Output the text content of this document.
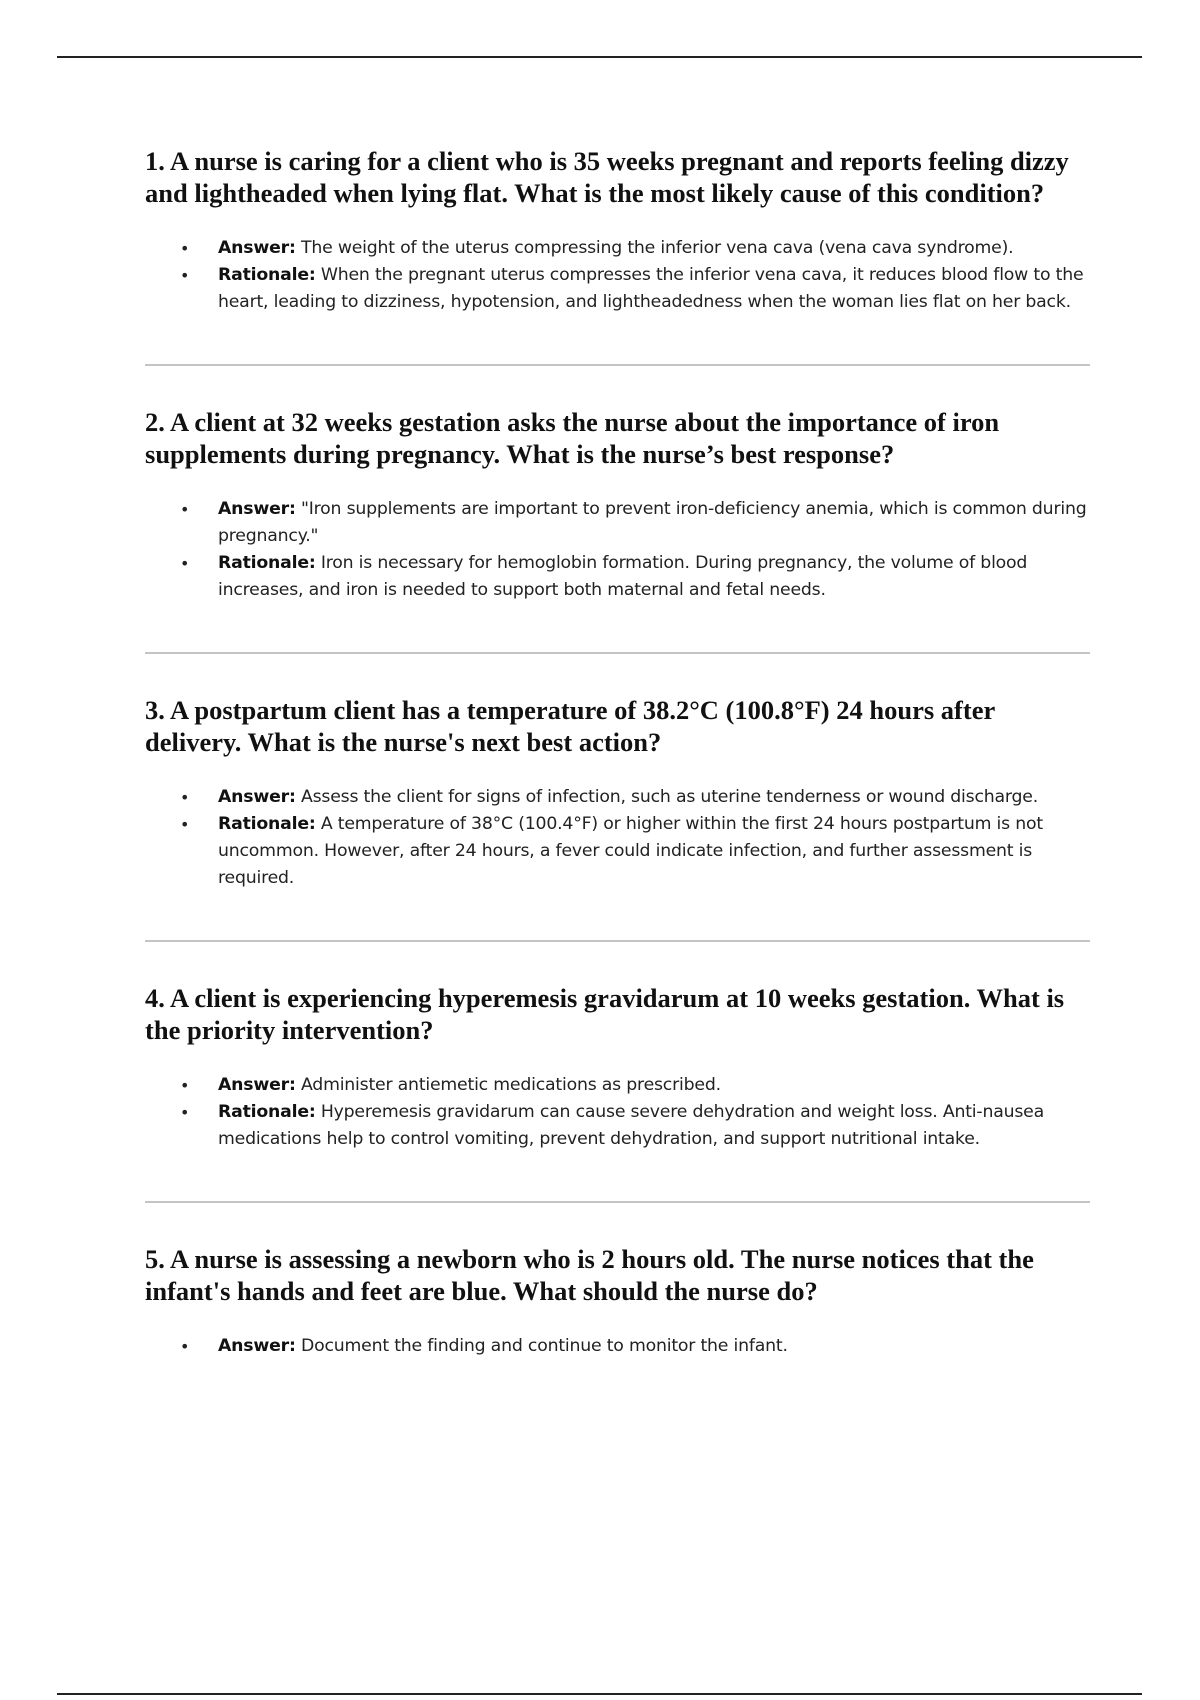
1. A nurse is caring for a client who is 35 weeks pregnant and reports feeling dizzy and lightheaded when lying flat. What is the most likely cause of this condition?

• Answer: The weight of the uterus compressing the inferior vena cava (vena cava syndrome).
• Rationale: When the pregnant uterus compresses the inferior vena cava, it reduces blood flow to the heart, leading to dizziness, hypotension, and lightheadedness when the woman lies flat on her back.

2. A client at 32 weeks gestation asks the nurse about the importance of iron supplements during pregnancy. What is the nurse’s best response?

• Answer: "Iron supplements are important to prevent iron-deficiency anemia, which is common during pregnancy."
• Rationale: Iron is necessary for hemoglobin formation. During pregnancy, the volume of blood increases, and iron is needed to support both maternal and fetal needs.

3. A postpartum client has a temperature of 38.2°C (100.8°F) 24 hours after delivery. What is the nurse's next best action?

• Answer: Assess the client for signs of infection, such as uterine tenderness or wound discharge.
• Rationale: A temperature of 38°C (100.4°F) or higher within the first 24 hours postpartum is not uncommon. However, after 24 hours, a fever could indicate infection, and further assessment is required.

4. A client is experiencing hyperemesis gravidarum at 10 weeks gestation. What is the priority intervention?

• Answer: Administer antiemetic medications as prescribed.
• Rationale: Hyperemesis gravidarum can cause severe dehydration and weight loss. Anti-nausea medications help to control vomiting, prevent dehydration, and support nutritional intake.

5. A nurse is assessing a newborn who is 2 hours old. The nurse notices that the infant's hands and feet are blue. What should the nurse do?

• Answer: Document the finding and continue to monitor the infant.
